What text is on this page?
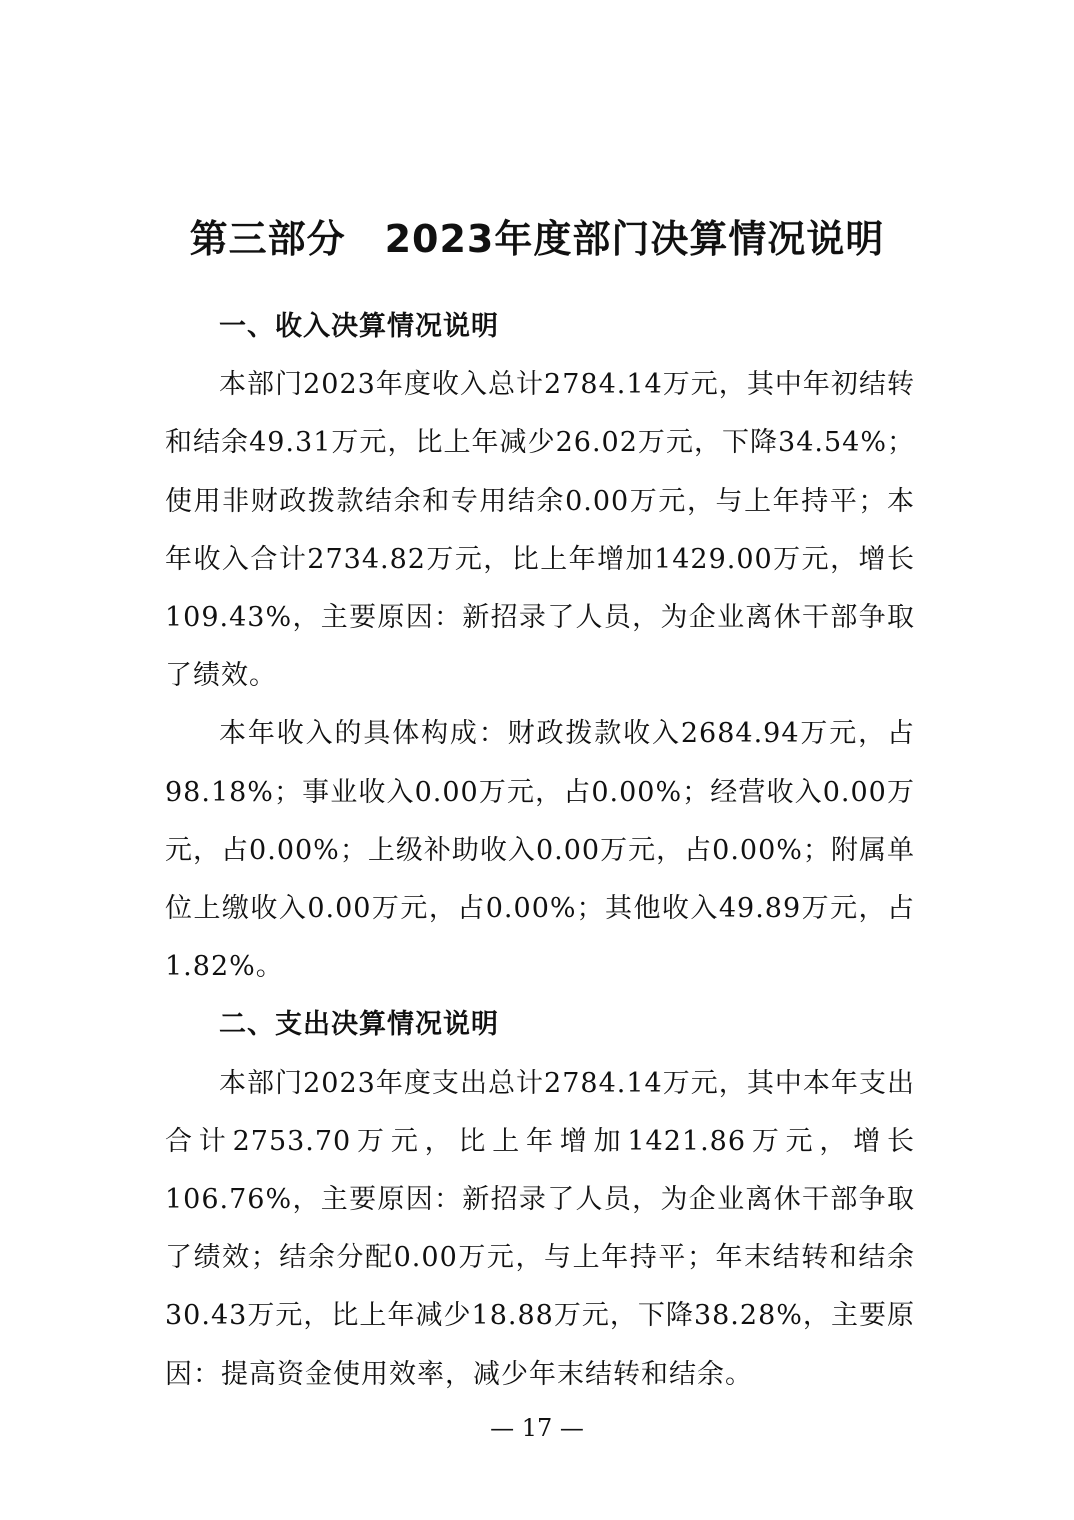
第三部分　2023年度部门决算情况说明
一、收入决算情况说明

本部门2023年度收入总计2784.14万元，其中年初结转和结余49.31万元，比上年减少26.02万元，下降34.54%；使用非财政拨款结余和专用结余0.00万元，与上年持平；本年收入合计2734.82万元，比上年增加1429.00万元，增长109.43%，主要原因：新招录了人员，为企业离休干部争取了绩效。

本年收入的具体构成：财政拨款收入2684.94万元，占98.18%；事业收入0.00万元，占0.00%；经营收入0.00万元，占0.00%；上级补助收入0.00万元，占0.00%；附属单位上缴收入0.00万元，占0.00%；其他收入49.89万元，占1.82%。

二、支出决算情况说明

本部门2023年度支出总计2784.14万元，其中本年支出合计2753.70万元，比上年增加1421.86万元，增长106.76%，主要原因：新招录了人员，为企业离休干部争取了绩效；结余分配0.00万元，与上年持平；年末结转和结余30.43万元，比上年减少18.88万元，下降38.28%，主要原因：提高资金使用效率，减少年末结转和结余。

— 17 —
